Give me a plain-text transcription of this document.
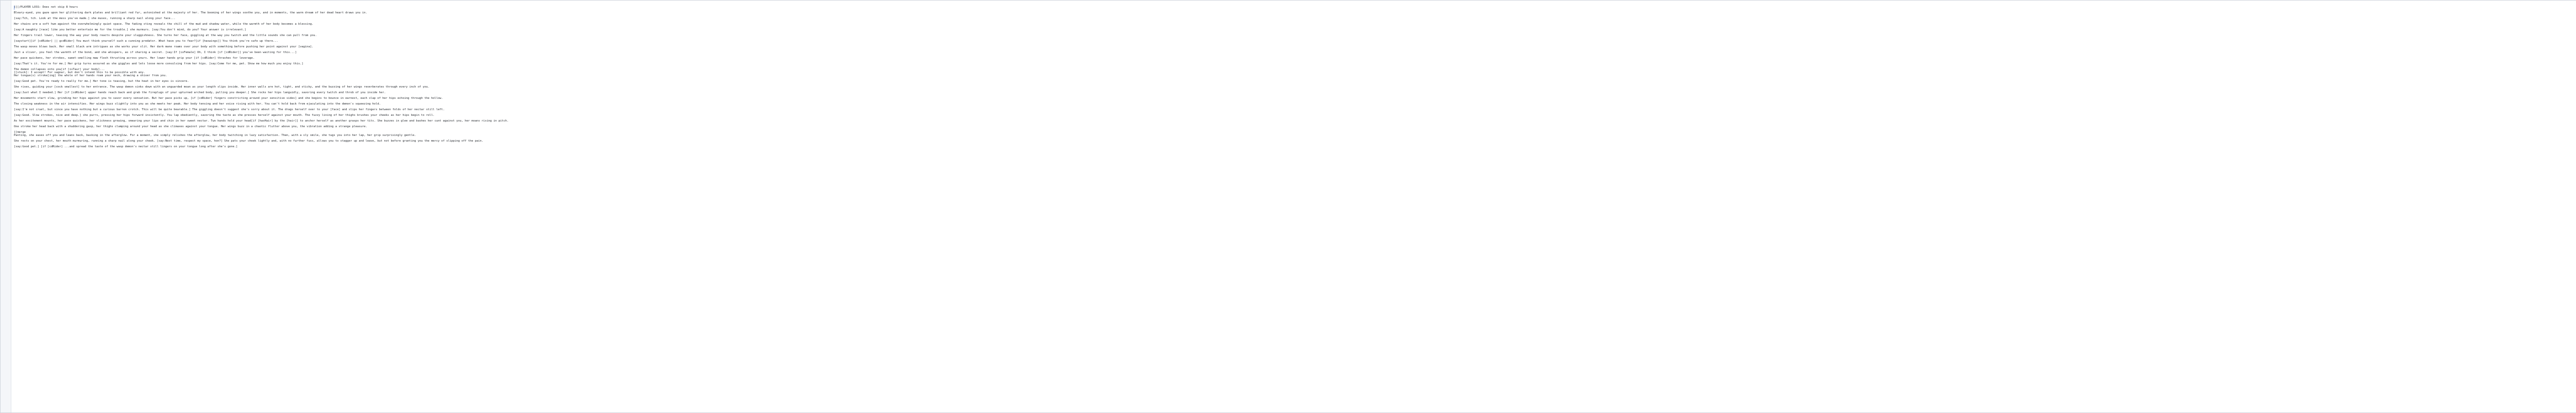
[[[/PLAYER LOSS: Does not skip 8 hours
Bleary-eyed, you gaze upon her glittering dark plates and brilliant red fur, astonished at the majesty of her. The booming of her wings soothe you, and in moments, the warm dream of her dead heart draws you in.
[say:Tch, tch. Look at the mess you've made.] she muses, running a sharp nail along your face...
Her chains are a soft hum against the overwhelmingly quiet space. The fading sting reveals the chill of the mud and shadow water, while the warmth of her body becomes a blessing.
[say:A naughty [race] like you better entertain me for the trouble.] she murmurs. [say:You don't mind, do you? Your answer is irrelevant.]
Her fingers trail lower, teasing the way your body reacts despite your sluggishness. She turns her face, giggling at the way you twitch and the little sounds she can pull from you.
[saystart][if [cdRider] || gcdRider] You must think yourself such a cunning predator. What have you to fear?[if [haswings]] You think you're safe up there...
The wasp moves blows back. Her small black arm intrigues as she works your slit. Her dark mane roams over your body with something before pushing her point against your [vagina].
Just a sliver, you feel the warmth of the bond, and she whispers, as if sharing a secret. [say:If [isFemale] Oh, I think [if [cdRider]] you've been waiting for this...]
Her pace quickens, her strokes, sweet-smelling maw flesh thrusting across yours. Her lower hands grip your [if [cdRider] thrashes for leverage.
[say:That's it. You're for me.] Her grip turns assured as she giggles and lets loose more convulsing from her hips. [say:Come for me, pet. Show me how much you enjoy this.]
The demon collapses onto you[if [isTaur] your body]...
[[stuck]: I accept! For sagnar, but don't intend this to be possible with any.
Her tongue(s) stroke[ing] the whole of her hands roam your neck, drawing a shiver from you.
[say:Good pet. You're ready to really for me.] Her tone is teasing, but the heat in her eyes is sincere.
She rises, guiding your [cock smallest] to her entrance. The wasp demon sinks down with an unguarded moan as your length slips inside. Her inner walls are hot, tight, and sticky, and the buzzing of her wings reverberates through every inch of you.
[say:Just what I needed.] Her [if [cdRider] upper hands reach back and grab the fireplugs of your upturned arched body, pulling you deeper.] She rocks her hips languidly, savoring every twitch and throb of you inside her.
Her movements start slow, grinding her hips against you to savor every sensation. But her pace picks up, [if [cdRider] fingers constricting around your sensitive sides] and she begins to bounce in earnest, each slap of her hips echoing through the hollow.
The closing weakness in the air intensifies. Her wings buzz slightly into you as she meets her peak. Her body tensing and her voice rising with her. You can't hold back from ejaculating into the demon's squeezing hold.
[say:I'm not cruel, but since you have nothing but a curious barren crotch. This will be quite bearable.] The giggling doesn't suggest she's sorry about it. The drags herself over to your [face] and slips her fingers between folds of her nectar still left.
[say:Good. Slow strokes, nice and deep.] she purrs, pressing her hips forward insistently. You lap obediently, savoring the taste as she presses herself against your mouth. The fuzzy lining of her thighs brushes your cheeks as her hips begin to roll.
As her excitement mounts, her pace quickens, her slickness growing, smearing your lips and chin in her sweet nectar. Two hands hold your head[if [hasHair] by the [hair]] to anchor herself as another grasps her tits. She buzzes in glee and bashes her cunt against you, her moans rising in pitch.
One stroke her head back with a shuddering gasp, her thighs clamping around your head as she climaxes against your tongue. Her wings buzz in a chaotic flutter above you, the vibration adding a strange pleasure.
[[merge
Panting, she eases off you and leans back, basking in the afterglow. For a moment, she simply relishes the afterglow, her body twitching in lazy satisfaction. Then, with a sly smile, she tugs you into her lap, her grip surprisingly gentle.
She rests on your chest, her mouth murmuring, running a sharp nail along your cheek. [say:Next time, respect my space, hon?] She pats your cheek lightly and, with no further fuss, allows you to stagger up and leave, but not before granting you the mercy of slipping off the pain.
[say:Good pet.] [if [cdRider] ...and spread the taste of the wasp demon's nectar still lingers on your tongue long after she's gone.]
